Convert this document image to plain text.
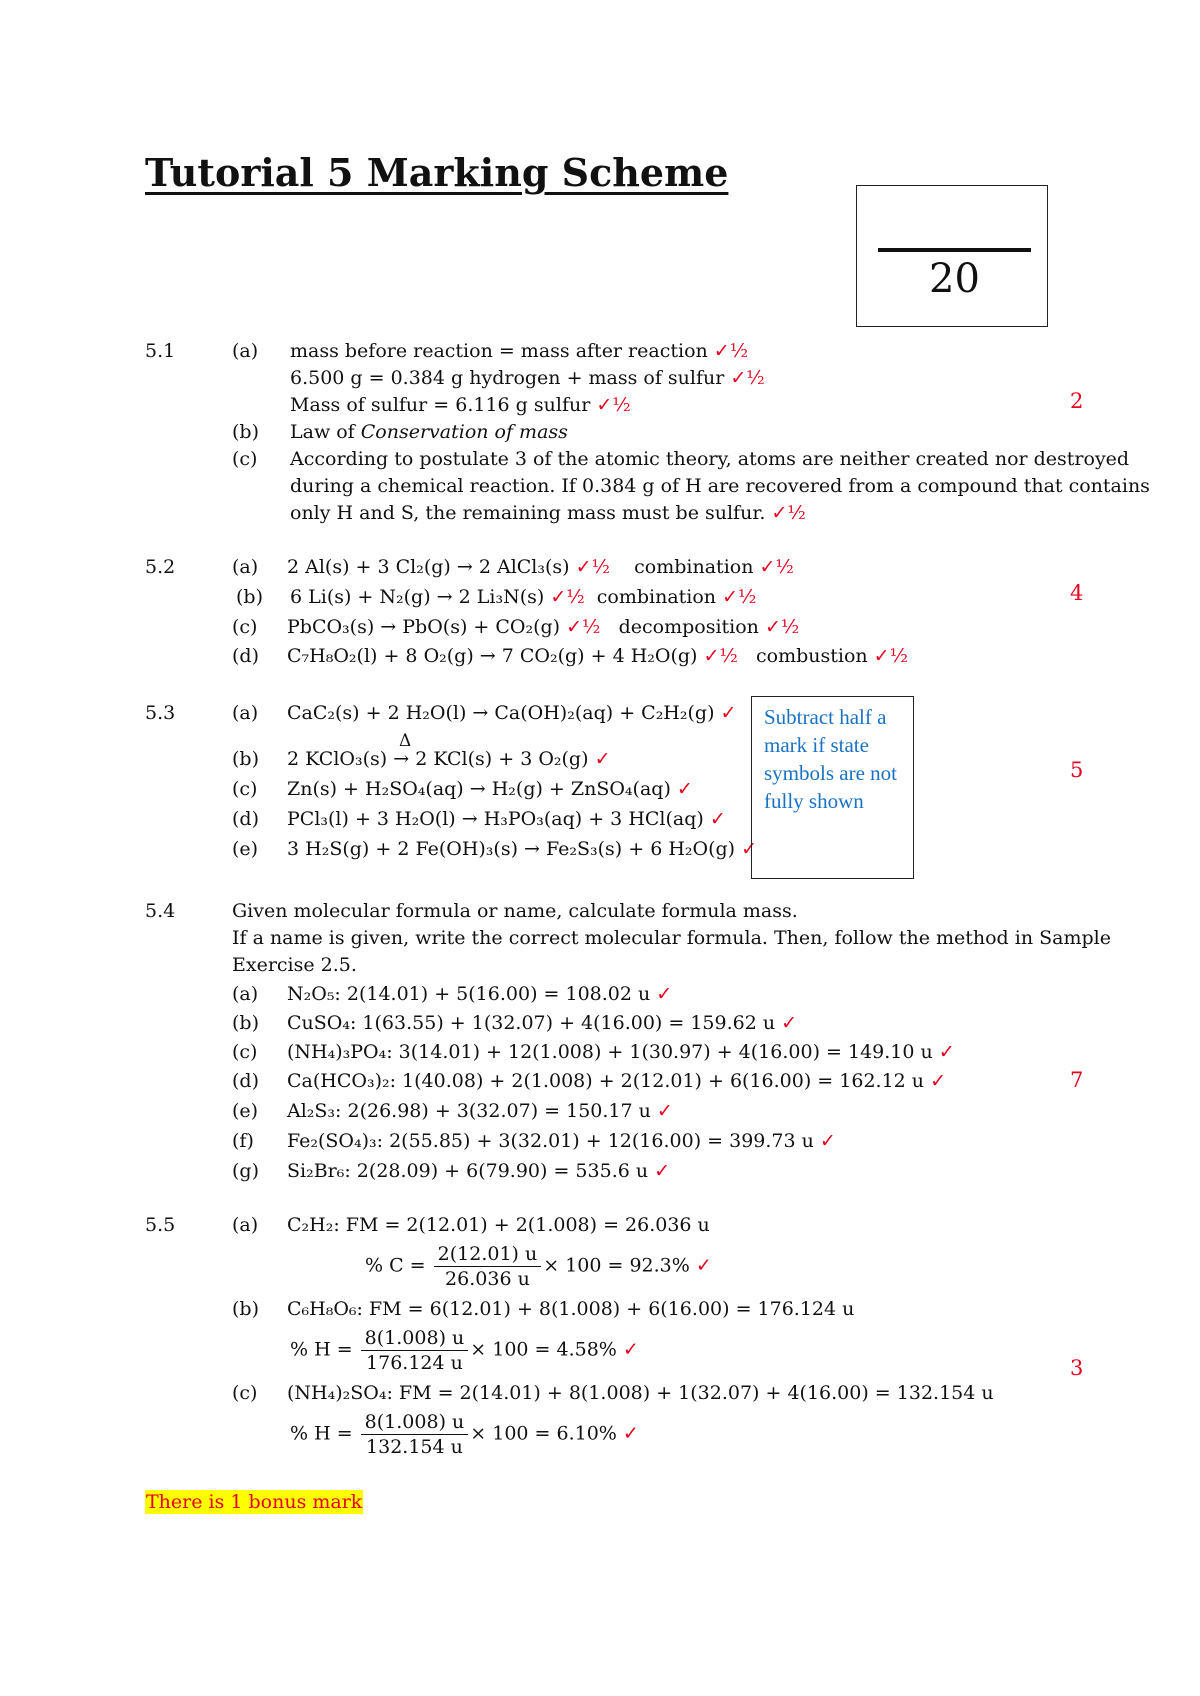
Tutorial 5 Marking Scheme
20
5.1	(a) mass before reaction = mass after reaction ✓½
6.500 g = 0.384 g hydrogen + mass of sulfur ✓½
Mass of sulfur = 6.116 g sulfur ✓½	2
(b) Law of Conservation of mass
(c) According to postulate 3 of the atomic theory, atoms are neither created nor destroyed
during a chemical reaction. If 0.384 g of H are recovered from a compound that contains
only H and S, the remaining mass must be sulfur. ✓½
5.2	(a) 2 Al(s) + 3 Cl₂(g) → 2 AlCl₃(s) ✓½ combination ✓½
(b) 6 Li(s) + N₂(g) → 2 Li₃N(s) ✓½ combination ✓½	4
(c) PbCO₃(s) → PbO(s) + CO₂(g) ✓½ decomposition ✓½
(d) C₇H₈O₂(l) + 8 O₂(g) → 7 CO₂(g) + 4 H₂O(g) ✓½ combustion ✓½
5.3	(a) CaC₂(s) + 2 H₂O(l) → Ca(OH)₂(aq) + C₂H₂(g) ✓
(b)
Δ
2 KClO₃(s) → 2 KCl(s) + 3 O₂(g) ✓
(c) Zn(s) + H₂SO₄(aq) → H₂(g) + ZnSO₄(aq) ✓
5
(d) PCl₃(l) + 3 H₂O(l) → H₃PO₃(aq) + 3 HCl(aq) ✓
(e) 3 H₂S(g) + 2 Fe(OH)₃(s) → Fe₂S₃(s) + 6 H₂O(g) ✓
Subtract half a mark if state symbols are not fully shown
5.4	Given molecular formula or name, calculate formula mass.
If a name is given, write the correct molecular formula. Then, follow the method in Sample
Exercise 2.5.
(a) N₂O₅: 2(14.01) + 5(16.00) = 108.02 u ✓
(b) CuSO₄: 1(63.55) + 1(32.07) + 4(16.00) = 159.62 u ✓
(c) (NH₄)₃PO₄: 3(14.01) + 12(1.008) + 1(30.97) + 4(16.00) = 149.10 u ✓
(d) Ca(HCO₃)₂: 1(40.08) + 2(1.008) + 2(12.01) + 6(16.00) = 162.12 u ✓	7
(e) Al₂S₃: 2(26.98) + 3(32.07) = 150.17 u ✓
(f) Fe₂(SO₄)₃: 2(55.85) + 3(32.01) + 12(16.00) = 399.73 u ✓
(g) Si₂Br₆: 2(28.09) + 6(79.90) = 535.6 u ✓
5.5	(a) C₂H₂: FM = 2(12.01) + 2(1.008) = 26.036 u
% $C = \frac{2(12.01) u}{26.036 u} \times 100 = 92.3\%$ ✓
(b) C₆H₈O₆: FM = 6(12.01) + 8(1.008) + 6(16.00) = 176.124 u
% $H = \frac{8(1.008) u}{176.124 u} \times 100 = 4.58\%$ ✓
3
(c) (NH₄)₂SO₄: FM = 2(14.01) + 8(1.008) + 1(32.07) + 4(16.00) = 132.154 u
% $H = \frac{8(1.008) u}{132.154 u} \times 100 = 6.10\%$ ✓
There is 1 bonus mark
